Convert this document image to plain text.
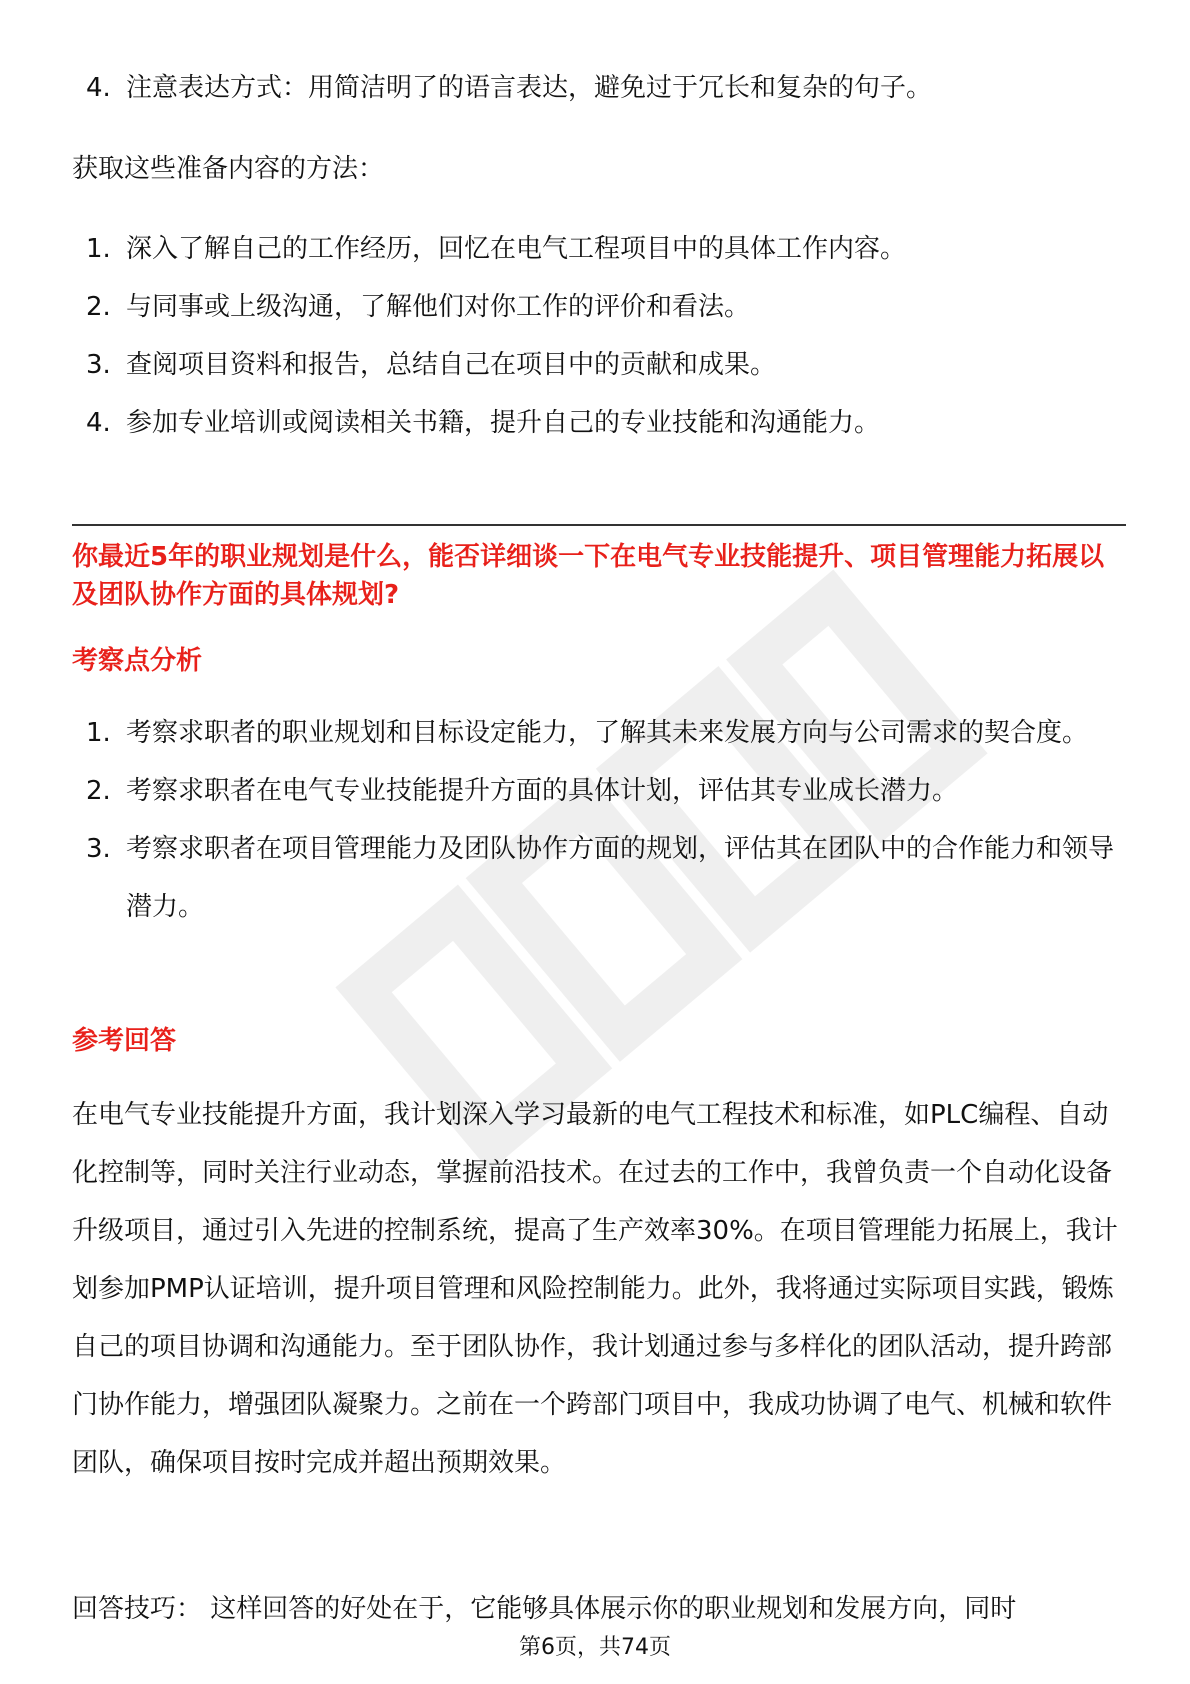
4. 注意表达方式：用简洁明了的语言表达，避免过于冗长和复杂的句子。

获取这些准备内容的方法：

1. 深入了解自己的工作经历，回忆在电气工程项目中的具体工作内容。
2. 与同事或上级沟通，了解他们对你工作的评价和看法。
3. 查阅项目资料和报告，总结自己在项目中的贡献和成果。
4. 参加专业培训或阅读相关书籍，提升自己的专业技能和沟通能力。

你最近5年的职业规划是什么，能否详细谈一下在电气专业技能提升、项目管理能力拓展以及团队协作方面的具体规划?

考察点分析

1. 考察求职者的职业规划和目标设定能力，了解其未来发展方向与公司需求的契合度。
2. 考察求职者在电气专业技能提升方面的具体计划，评估其专业成长潜力。
3. 考察求职者在项目管理能力及团队协作方面的规划，评估其在团队中的合作能力和领导潜力。

参考回答

在电气专业技能提升方面，我计划深入学习最新的电气工程技术和标准，如PLC编程、自动化控制等，同时关注行业动态，掌握前沿技术。在过去的工作中，我曾负责一个自动化设备升级项目，通过引入先进的控制系统，提高了生产效率30%。在项目管理能力拓展上，我计划参加PMP认证培训，提升项目管理和风险控制能力。此外，我将通过实际项目实践，锻炼自己的项目协调和沟通能力。至于团队协作，我计划通过参与多样化的团队活动，提升跨部门协作能力，增强团队凝聚力。之前在一个跨部门项目中，我成功协调了电气、机械和软件团队，确保项目按时完成并超出预期效果。

回答技巧： 这样回答的好处在于，它能够具体展示你的职业规划和发展方向，同时

第6页，共74页
